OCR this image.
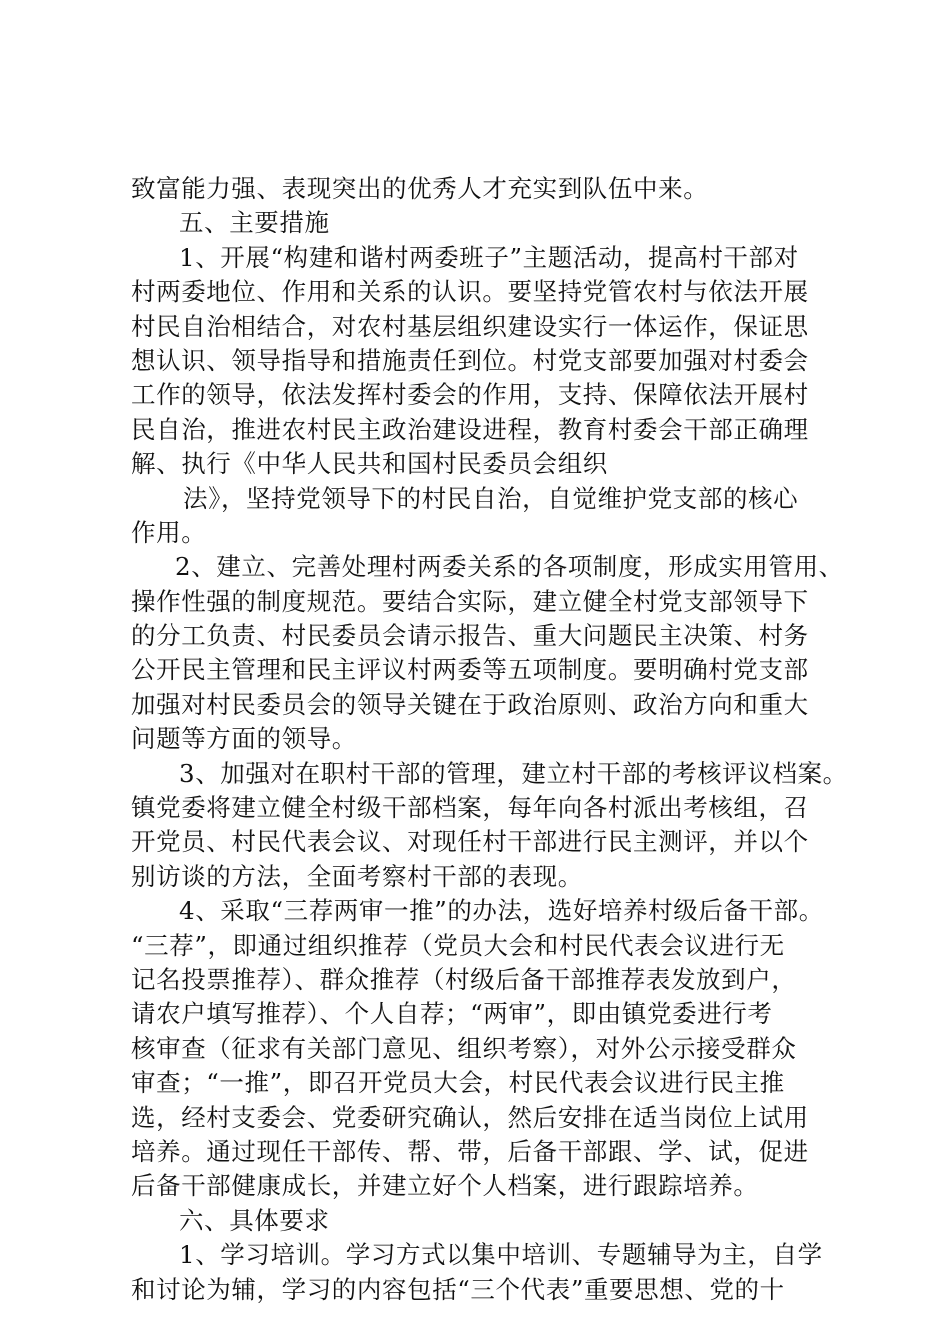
致富能力强、表现突出的优秀人才充实到队伍中来。
五、主要措施
1、开展“构建和谐村两委班子”主题活动，提高村干部对
村两委地位、作用和关系的认识。要坚持党管农村与依法开展
村民自治相结合，对农村基层组织建设实行一体运作，保证思
想认识、领导指导和措施责任到位。村党支部要加强对村委会
工作的领导，依法发挥村委会的作用，支持、保障依法开展村
民自治，推进农村民主政治建设进程，教育村委会干部正确理
解、执行《中华人民共和国村民委员会组织
法》，坚持党领导下的村民自治，自觉维护党支部的核心
作用。
2、建立、完善处理村两委关系的各项制度，形成实用管用、
操作性强的制度规范。要结合实际，建立健全村党支部领导下
的分工负责、村民委员会请示报告、重大问题民主决策、村务
公开民主管理和民主评议村两委等五项制度。要明确村党支部
加强对村民委员会的领导关键在于政治原则、政治方向和重大
问题等方面的领导。
3、加强对在职村干部的管理，建立村干部的考核评议档案。
镇党委将建立健全村级干部档案，每年向各村派出考核组，召
开党员、村民代表会议、对现任村干部进行民主测评，并以个
别访谈的方法，全面考察村干部的表现。
4、采取“三荐两审一推”的办法，选好培养村级后备干部。
“三荐”，即通过组织推荐（党员大会和村民代表会议进行无
记名投票推荐）、群众推荐（村级后备干部推荐表发放到户，
请农户填写推荐）、个人自荐；“两审”，即由镇党委进行考
核审查（征求有关部门意见、组织考察），对外公示接受群众
审查；“一推”，即召开党员大会，村民代表会议进行民主推
选，经村支委会、党委研究确认，然后安排在适当岗位上试用
培养。通过现任干部传、帮、带，后备干部跟、学、试，促进
后备干部健康成长，并建立好个人档案，进行跟踪培养。
六、具体要求
1、学习培训。学习方式以集中培训、专题辅导为主，自学
和讨论为辅，学习的内容包括“三个代表”重要思想、党的十
